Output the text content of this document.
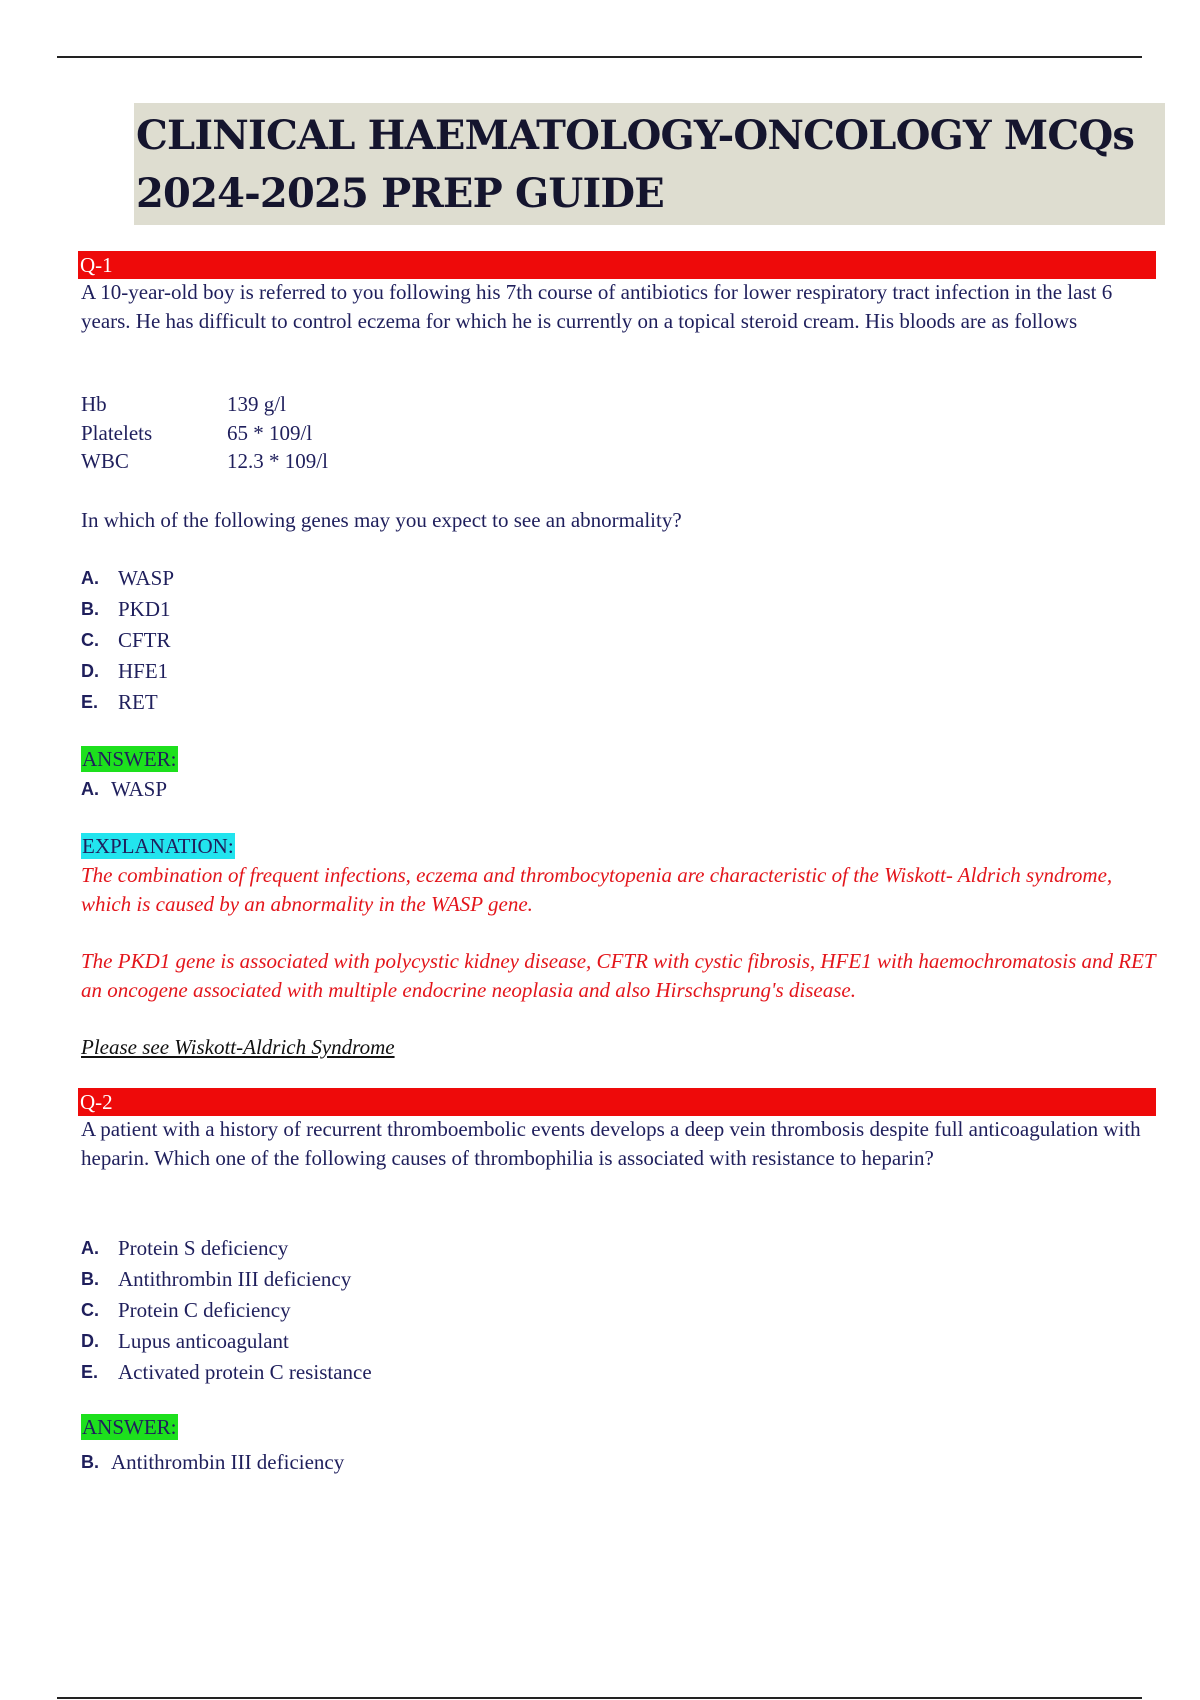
CLINICAL HAEMATOLOGY-ONCOLOGY MCQs
2024-2025 PREP GUIDE
Q-1
A 10-year-old boy is referred to you following his 7th course of antibiotics for lower respiratory tract infection in the last 6 years. He has difficult to control eczema for which he is currently on a topical steroid cream. His bloods are as follows
Hb	139 g/l
Platelets	65 * 109/l
WBC	12.3 * 109/l
In which of the following genes may you expect to see an abnormality?
A. WASP
B. PKD1
C. CFTR
D. HFE1
E. RET
ANSWER:
A. WASP
EXPLANATION:
The combination of frequent infections, eczema and thrombocytopenia are characteristic of the Wiskott- Aldrich syndrome, which is caused by an abnormality in the WASP gene.
The PKD1 gene is associated with polycystic kidney disease, CFTR with cystic fibrosis, HFE1 with haemochromatosis and RET an oncogene associated with multiple endocrine neoplasia and also Hirschsprung's disease.
Please see Wiskott-Aldrich Syndrome
Q-2
A patient with a history of recurrent thromboembolic events develops a deep vein thrombosis despite full anticoagulation with heparin. Which one of the following causes of thrombophilia is associated with resistance to heparin?
A. Protein S deficiency
B. Antithrombin III deficiency
C. Protein C deficiency
D. Lupus anticoagulant
E. Activated protein C resistance
ANSWER:
B. Antithrombin III deficiency
